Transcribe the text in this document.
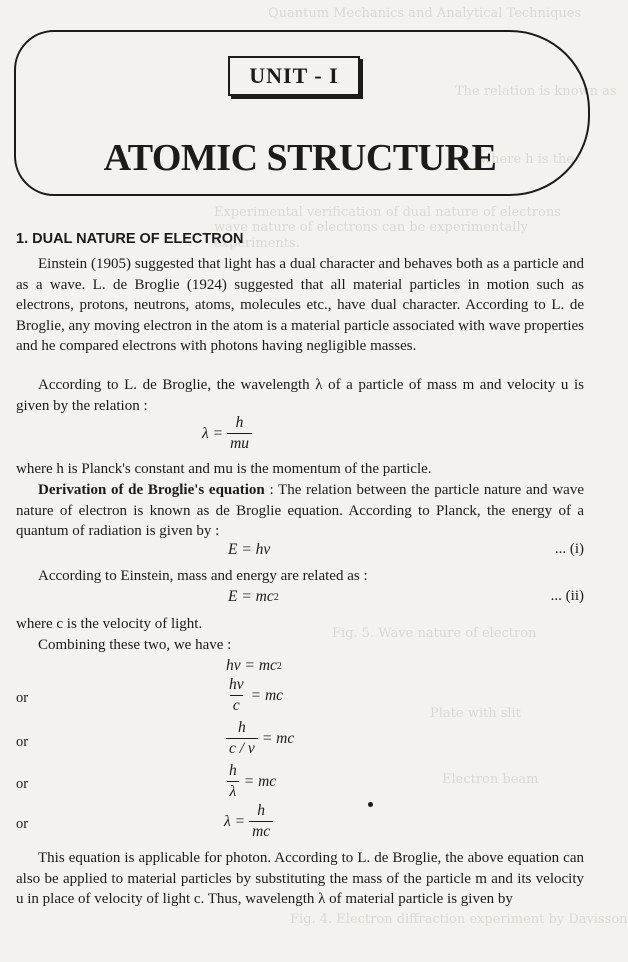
Quantum Mechanics and Analytical Techniques
The relation is known as
where h is the
Experimental verification of dual nature of electrons
wave nature of electrons can be experimentally
experiments.
Electron beam
Plate with slit
Fig. 5. Wave nature of electron
Fig. 4. Electron diffraction experiment by Davisson
UNIT - I
ATOMIC STRUCTURE
1. DUAL NATURE OF ELECTRON
Einstein (1905) suggested that light has a dual character and behaves both as a particle and as a wave. L. de Broglie (1924) suggested that all material particles in motion such as electrons, protons, neutrons, atoms, molecules etc., have dual character. According to L. de Broglie, any moving electron in the atom is a material particle associated with wave properties and he compared electrons with photons having negligible masses.
According to L. de Broglie, the wavelength λ of a particle of mass m and velocity u is given by the relation :
$\lambda = \frac{h}{mu}$
where h is Planck's constant and mu is the momentum of the particle.
Derivation of de Broglie's equation : The relation between the particle nature and wave nature of electron is known as de Broglie equation. According to Planck, the energy of a quantum of radiation is given by :
E = hν	... (i)
According to Einstein, mass and energy are related as :
E = mc 2	... (ii)
where c is the velocity of light.
Combining these two, we have :
hν = mc 2
or	$\frac{h\nu}{c}$ = mc
or	$\frac{h}{c / \nu}$ = mc
or	$\frac{h}{\lambda}$ = mc
or	$\lambda = \frac{h}{mc}$
This equation is applicable for photon. According to L. de Broglie, the above equation can also be applied to material particles by substituting the mass of the particle m and its velocity u in place of velocity of light c. Thus, wavelength λ of material particle is given by
